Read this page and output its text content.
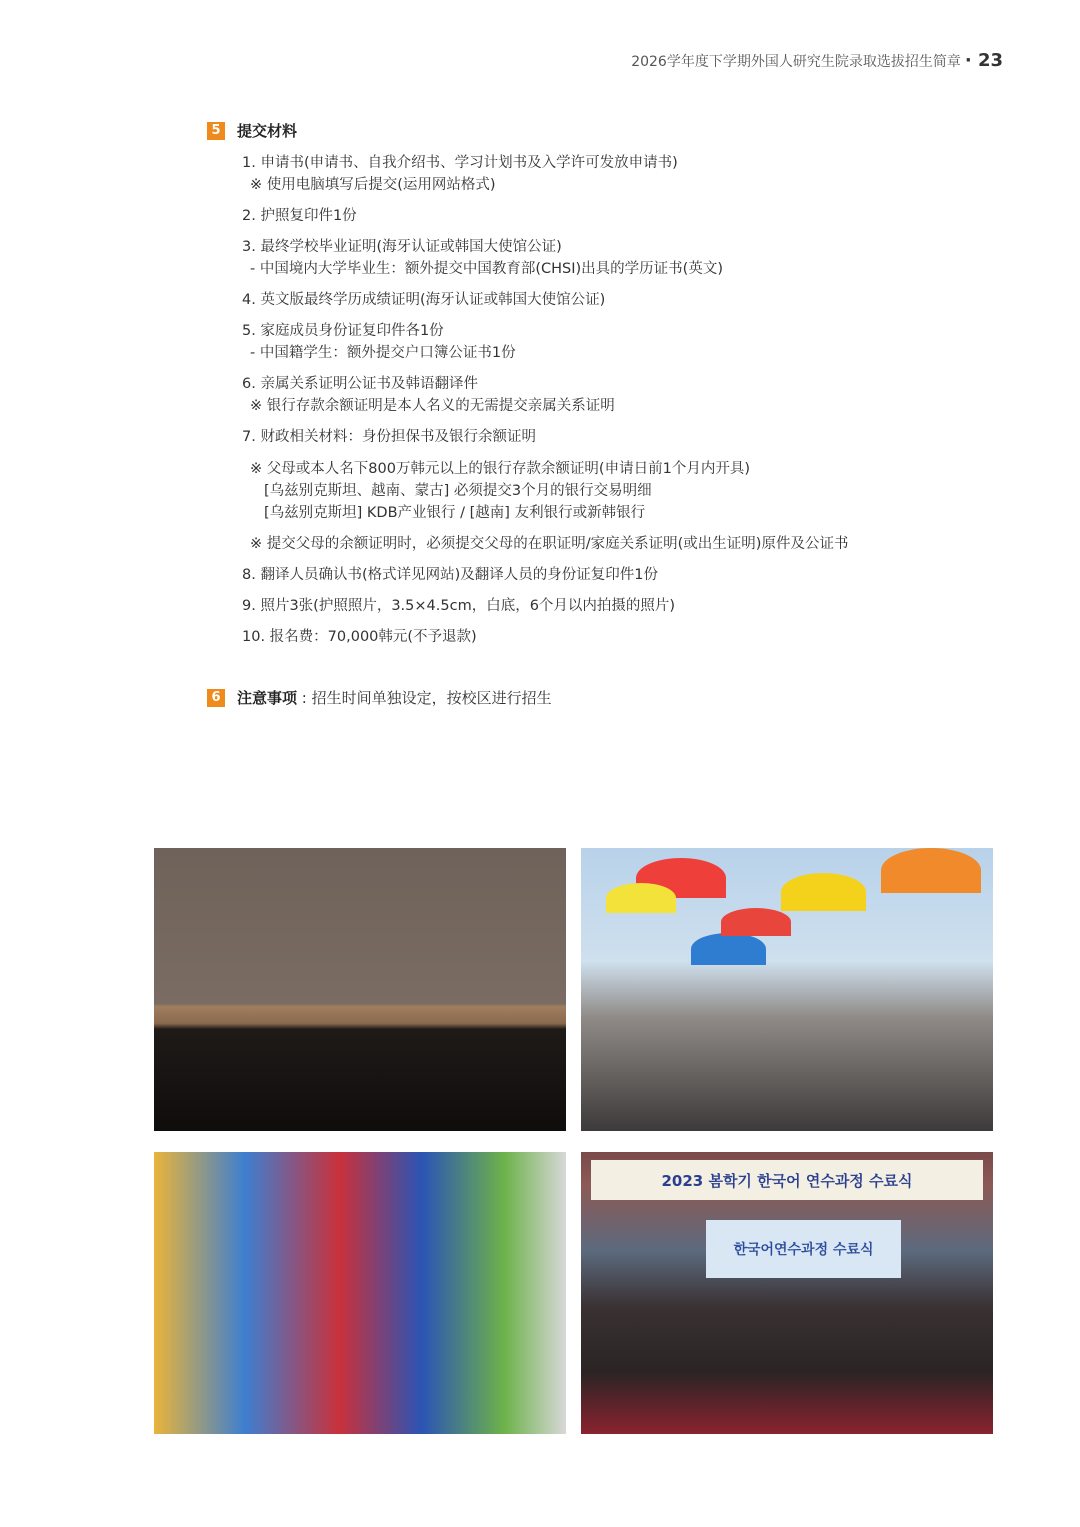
2026学年度下学期外国人研究生院录取选拔招生简章 · 23
5 提交材料
1. 申请书(申请书、自我介绍书、学习计划书及入学许可发放申请书)
※ 使用电脑填写后提交(运用网站格式)
2. 护照复印件1份
3. 最终学校毕业证明(海牙认证或韩国大使馆公证)
- 中国境内大学毕业生：额外提交中国教育部(CHSI)出具的学历证书(英文)
4. 英文版最终学历成绩证明(海牙认证或韩国大使馆公证)
5. 家庭成员身份证复印件各1份
- 中国籍学生：额外提交户口簿公证书1份
6. 亲属关系证明公证书及韩语翻译件
※ 银行存款余额证明是本人名义的无需提交亲属关系证明
7. 财政相关材料：身份担保书及银行余额证明
※ 父母或本人名下800万韩元以上的银行存款余额证明(申请日前1个月内开具)
[乌兹别克斯坦、越南、蒙古] 必须提交3个月的银行交易明细
[乌兹别克斯坦] KDB产业银行 / [越南] 友利银行或新韩银行
※ 提交父母的余额证明时，必须提交父母的在职证明/家庭关系证明(或出生证明)原件及公证书
8. 翻译人员确认书(格式详见网站)及翻译人员的身份证复印件1份
9. 照片3张(护照照片，3.5×4.5cm，白底，6个月以内拍摄的照片)
10. 报名费：70,000韩元(不予退款)
6 注意事项 : 招生时间单独设定，按校区进行招生
2023 봄학기 한국어 연수과정 수료식
한국어연수과정 수료식
